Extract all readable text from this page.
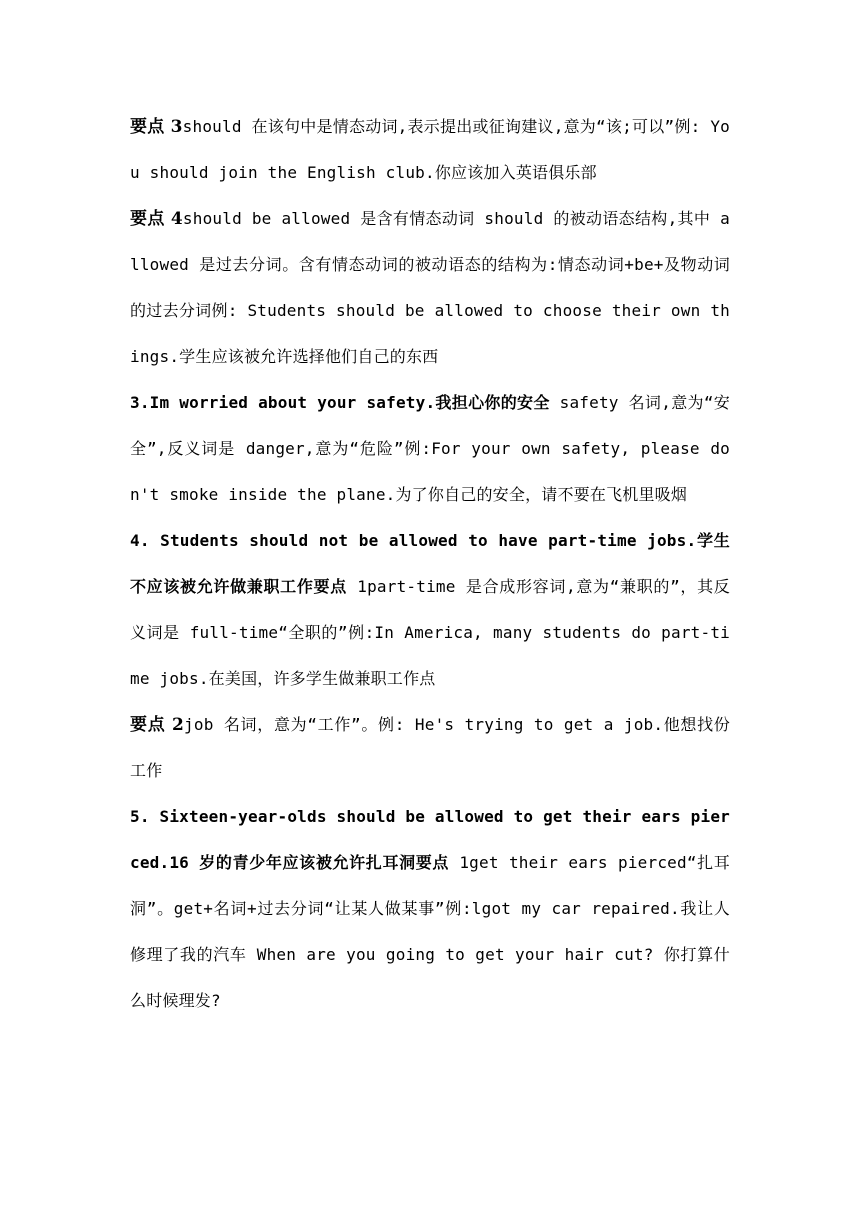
要点 3should 在该句中是情态动词,表示提出或征询建议,意为“该;可以”例: You should join the English club.你应该加入英语俱乐部

要点 4should be allowed 是含有情态动词 should 的被动语态结构,其中 allowed 是过去分词。含有情态动词的被动语态的结构为:情态动词+be+及物动词的过去分词例: Students should be allowed to choose their own things.学生应该被允许选择他们自己的东西

3.Im worried about your safety.我担心你的安全 safety 名词,意为“安全”,反义词是 danger,意为“危险”例:For your own safety, please don't smoke inside the plane.为了你自己的安全，请不要在飞机里吸烟

4. Students should not be allowed to have part-time jobs.学生不应该被允许做兼职工作要点 1part-time 是合成形容词,意为“兼职的”，其反义词是 full-time“全职的”例:In America, many students do part-time jobs.在美国，许多学生做兼职工作点

要点 2job 名词，意为“工作”。例: He's trying to get a job.他想找份工作

5. Sixteen-year-olds should be allowed to get their ears pierced.16 岁的青少年应该被允许扎耳洞要点 1get their ears pierced“扎耳洞”。get+名词+过去分词“让某人做某事”例:lgot my car repaired.我让人修理了我的汽车 When are you going to get your hair cut? 你打算什么时候理发?
